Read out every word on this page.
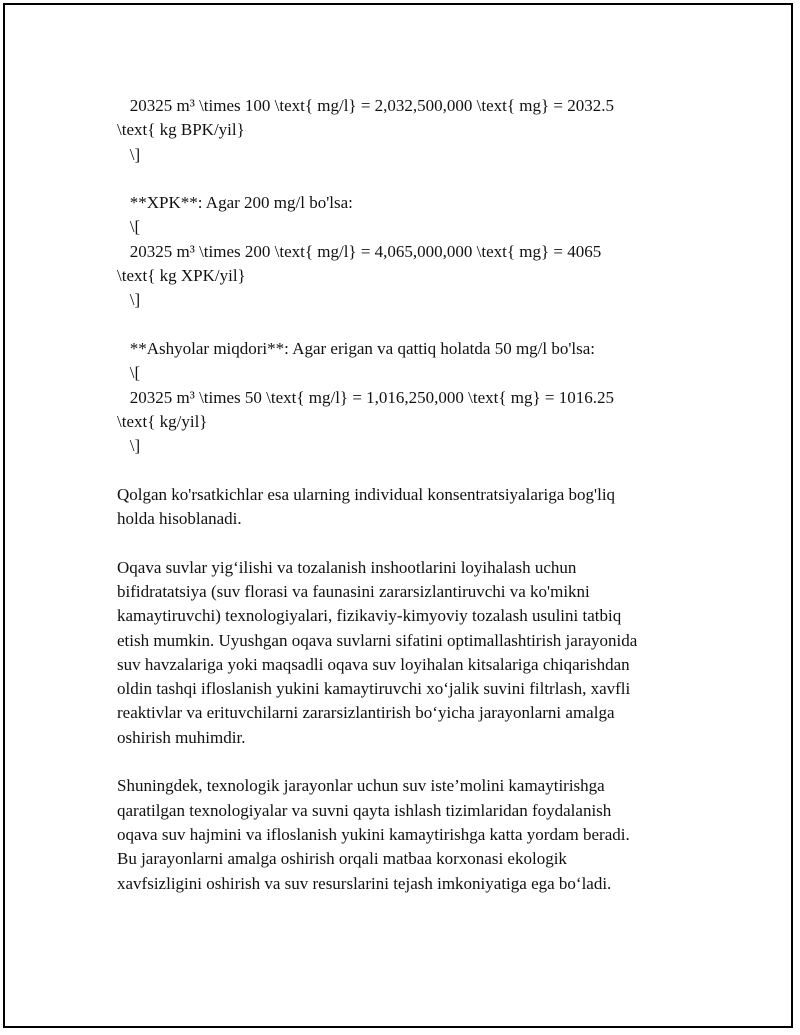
20325 m³ \times 100 \text{ mg/l} = 2,032,500,000 \text{ mg} = 2032.5
\text{ kg BPK/yil}
\]
**XPK**: Agar 200 mg/l bo'lsa:
\[
20325 m³ \times 200 \text{ mg/l} = 4,065,000,000 \text{ mg} = 4065
\text{ kg XPK/yil}
\]
**Ashyolar miqdori**: Agar erigan va qattiq holatda 50 mg/l bo'lsa:
\[
20325 m³ \times 50 \text{ mg/l} = 1,016,250,000 \text{ mg} = 1016.25
\text{ kg/yil}
\]
Qolgan ko'rsatkichlar esa ularning individual konsentratsiyalariga bog'liq
holda hisoblanadi.
Oqava suvlar yig‘ilishi va tozalanish inshootlarini loyihalash uchun
bifidratatsiya (suv florasi va faunasini zararsizlantiruvchi va ko'mikni
kamaytiruvchi) texnologiyalari, fizikaviy-kimyoviy tozalash usulini tatbiq
etish mumkin. Uyushgan oqava suvlarni sifatini optimallashtirish jarayonida
suv havzalariga yoki maqsadli oqava suv loyihalan kitsalariga chiqarishdan
oldin tashqi ifloslanish yukini kamaytiruvchi xo‘jalik suvini filtrlash, xavfli
reaktivlar va erituvchilarni zararsizlantirish bo‘yicha jarayonlarni amalga
oshirish muhimdir.
Shuningdek, texnologik jarayonlar uchun suv iste’molini kamaytirishga
qaratilgan texnologiyalar va suvni qayta ishlash tizimlaridan foydalanish
oqava suv hajmini va ifloslanish yukini kamaytirishga katta yordam beradi.
Bu jarayonlarni amalga oshirish orqali matbaa korxonasi ekologik
xavfsizligini oshirish va suv resurslarini tejash imkoniyatiga ega bo‘ladi.
